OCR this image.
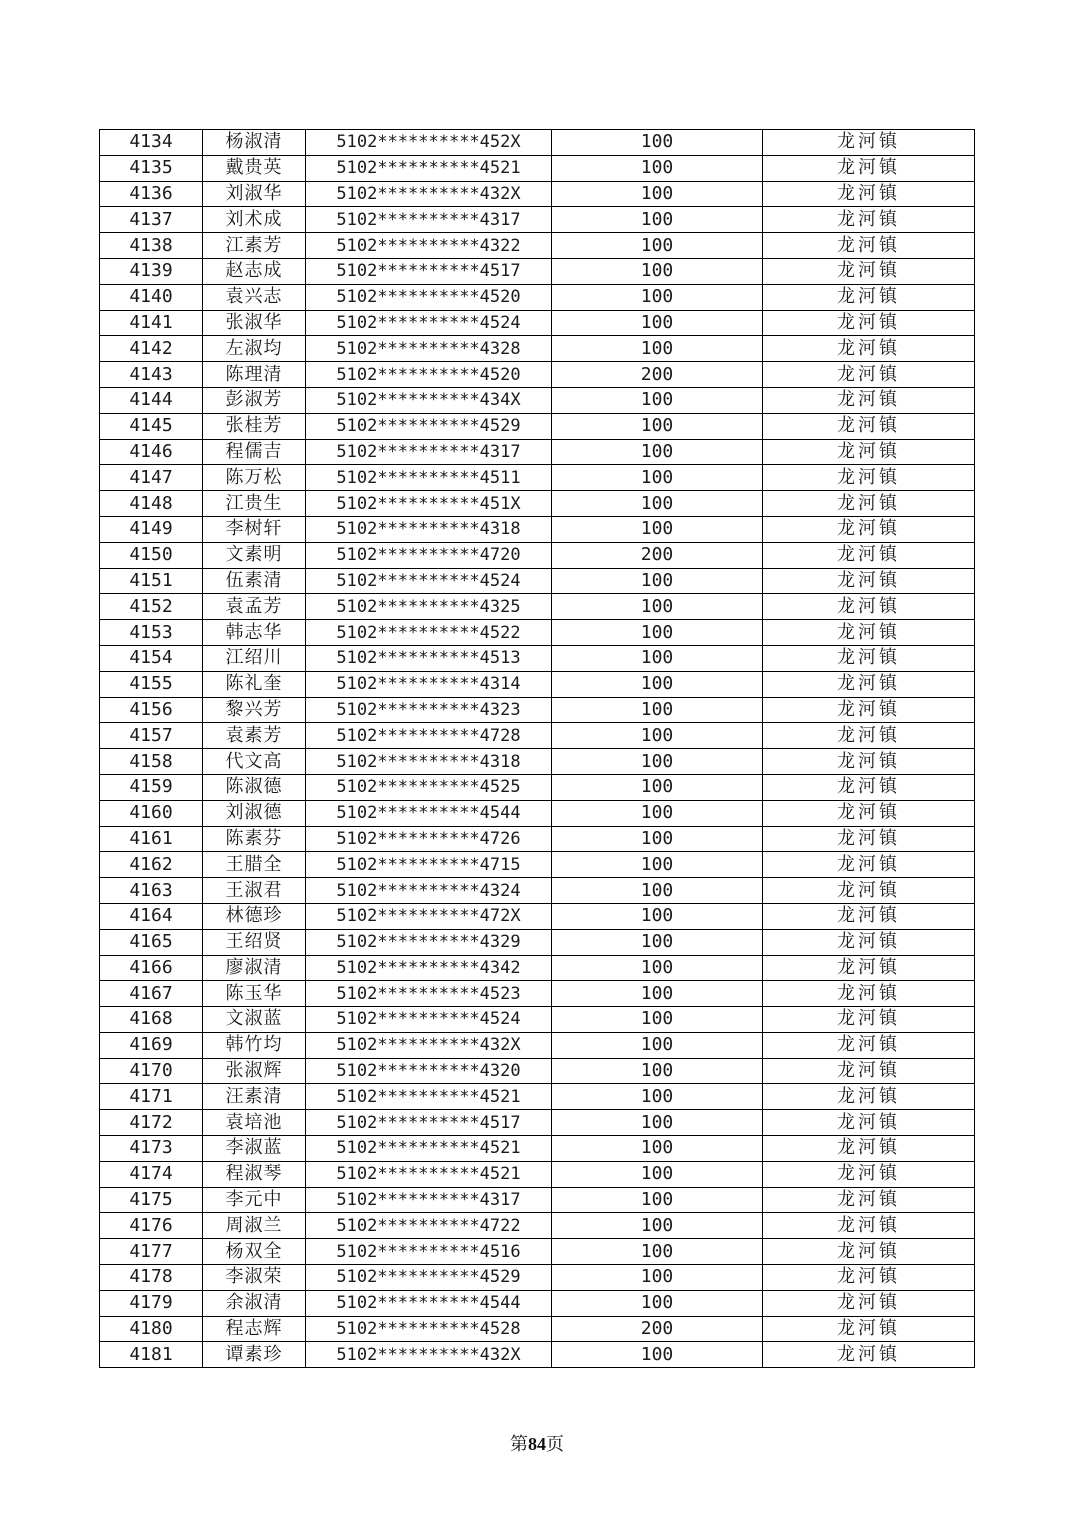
4134	杨淑清	5102**********452X	100	龙河镇
4135	戴贵英	5102**********4521	100	龙河镇
4136	刘淑华	5102**********432X	100	龙河镇
4137	刘术成	5102**********4317	100	龙河镇
4138	江素芳	5102**********4322	100	龙河镇
4139	赵志成	5102**********4517	100	龙河镇
4140	袁兴志	5102**********4520	100	龙河镇
4141	张淑华	5102**********4524	100	龙河镇
4142	左淑均	5102**********4328	100	龙河镇
4143	陈理清	5102**********4520	200	龙河镇
4144	彭淑芳	5102**********434X	100	龙河镇
4145	张桂芳	5102**********4529	100	龙河镇
4146	程儒吉	5102**********4317	100	龙河镇
4147	陈万松	5102**********4511	100	龙河镇
4148	江贵生	5102**********451X	100	龙河镇
4149	李树轩	5102**********4318	100	龙河镇
4150	文素明	5102**********4720	200	龙河镇
4151	伍素清	5102**********4524	100	龙河镇
4152	袁孟芳	5102**********4325	100	龙河镇
4153	韩志华	5102**********4522	100	龙河镇
4154	江绍川	5102**********4513	100	龙河镇
4155	陈礼奎	5102**********4314	100	龙河镇
4156	黎兴芳	5102**********4323	100	龙河镇
4157	袁素芳	5102**********4728	100	龙河镇
4158	代文高	5102**********4318	100	龙河镇
4159	陈淑德	5102**********4525	100	龙河镇
4160	刘淑德	5102**********4544	100	龙河镇
4161	陈素芬	5102**********4726	100	龙河镇
4162	王腊全	5102**********4715	100	龙河镇
4163	王淑君	5102**********4324	100	龙河镇
4164	林德珍	5102**********472X	100	龙河镇
4165	王绍贤	5102**********4329	100	龙河镇
4166	廖淑清	5102**********4342	100	龙河镇
4167	陈玉华	5102**********4523	100	龙河镇
4168	文淑蓝	5102**********4524	100	龙河镇
4169	韩竹均	5102**********432X	100	龙河镇
4170	张淑辉	5102**********4320	100	龙河镇
4171	汪素清	5102**********4521	100	龙河镇
4172	袁培池	5102**********4517	100	龙河镇
4173	李淑蓝	5102**********4521	100	龙河镇
4174	程淑琴	5102**********4521	100	龙河镇
4175	李元中	5102**********4317	100	龙河镇
4176	周淑兰	5102**********4722	100	龙河镇
4177	杨双全	5102**********4516	100	龙河镇
4178	李淑荣	5102**********4529	100	龙河镇
4179	余淑清	5102**********4544	100	龙河镇
4180	程志辉	5102**********4528	200	龙河镇
4181	谭素珍	5102**********432X	100	龙河镇
第84页
